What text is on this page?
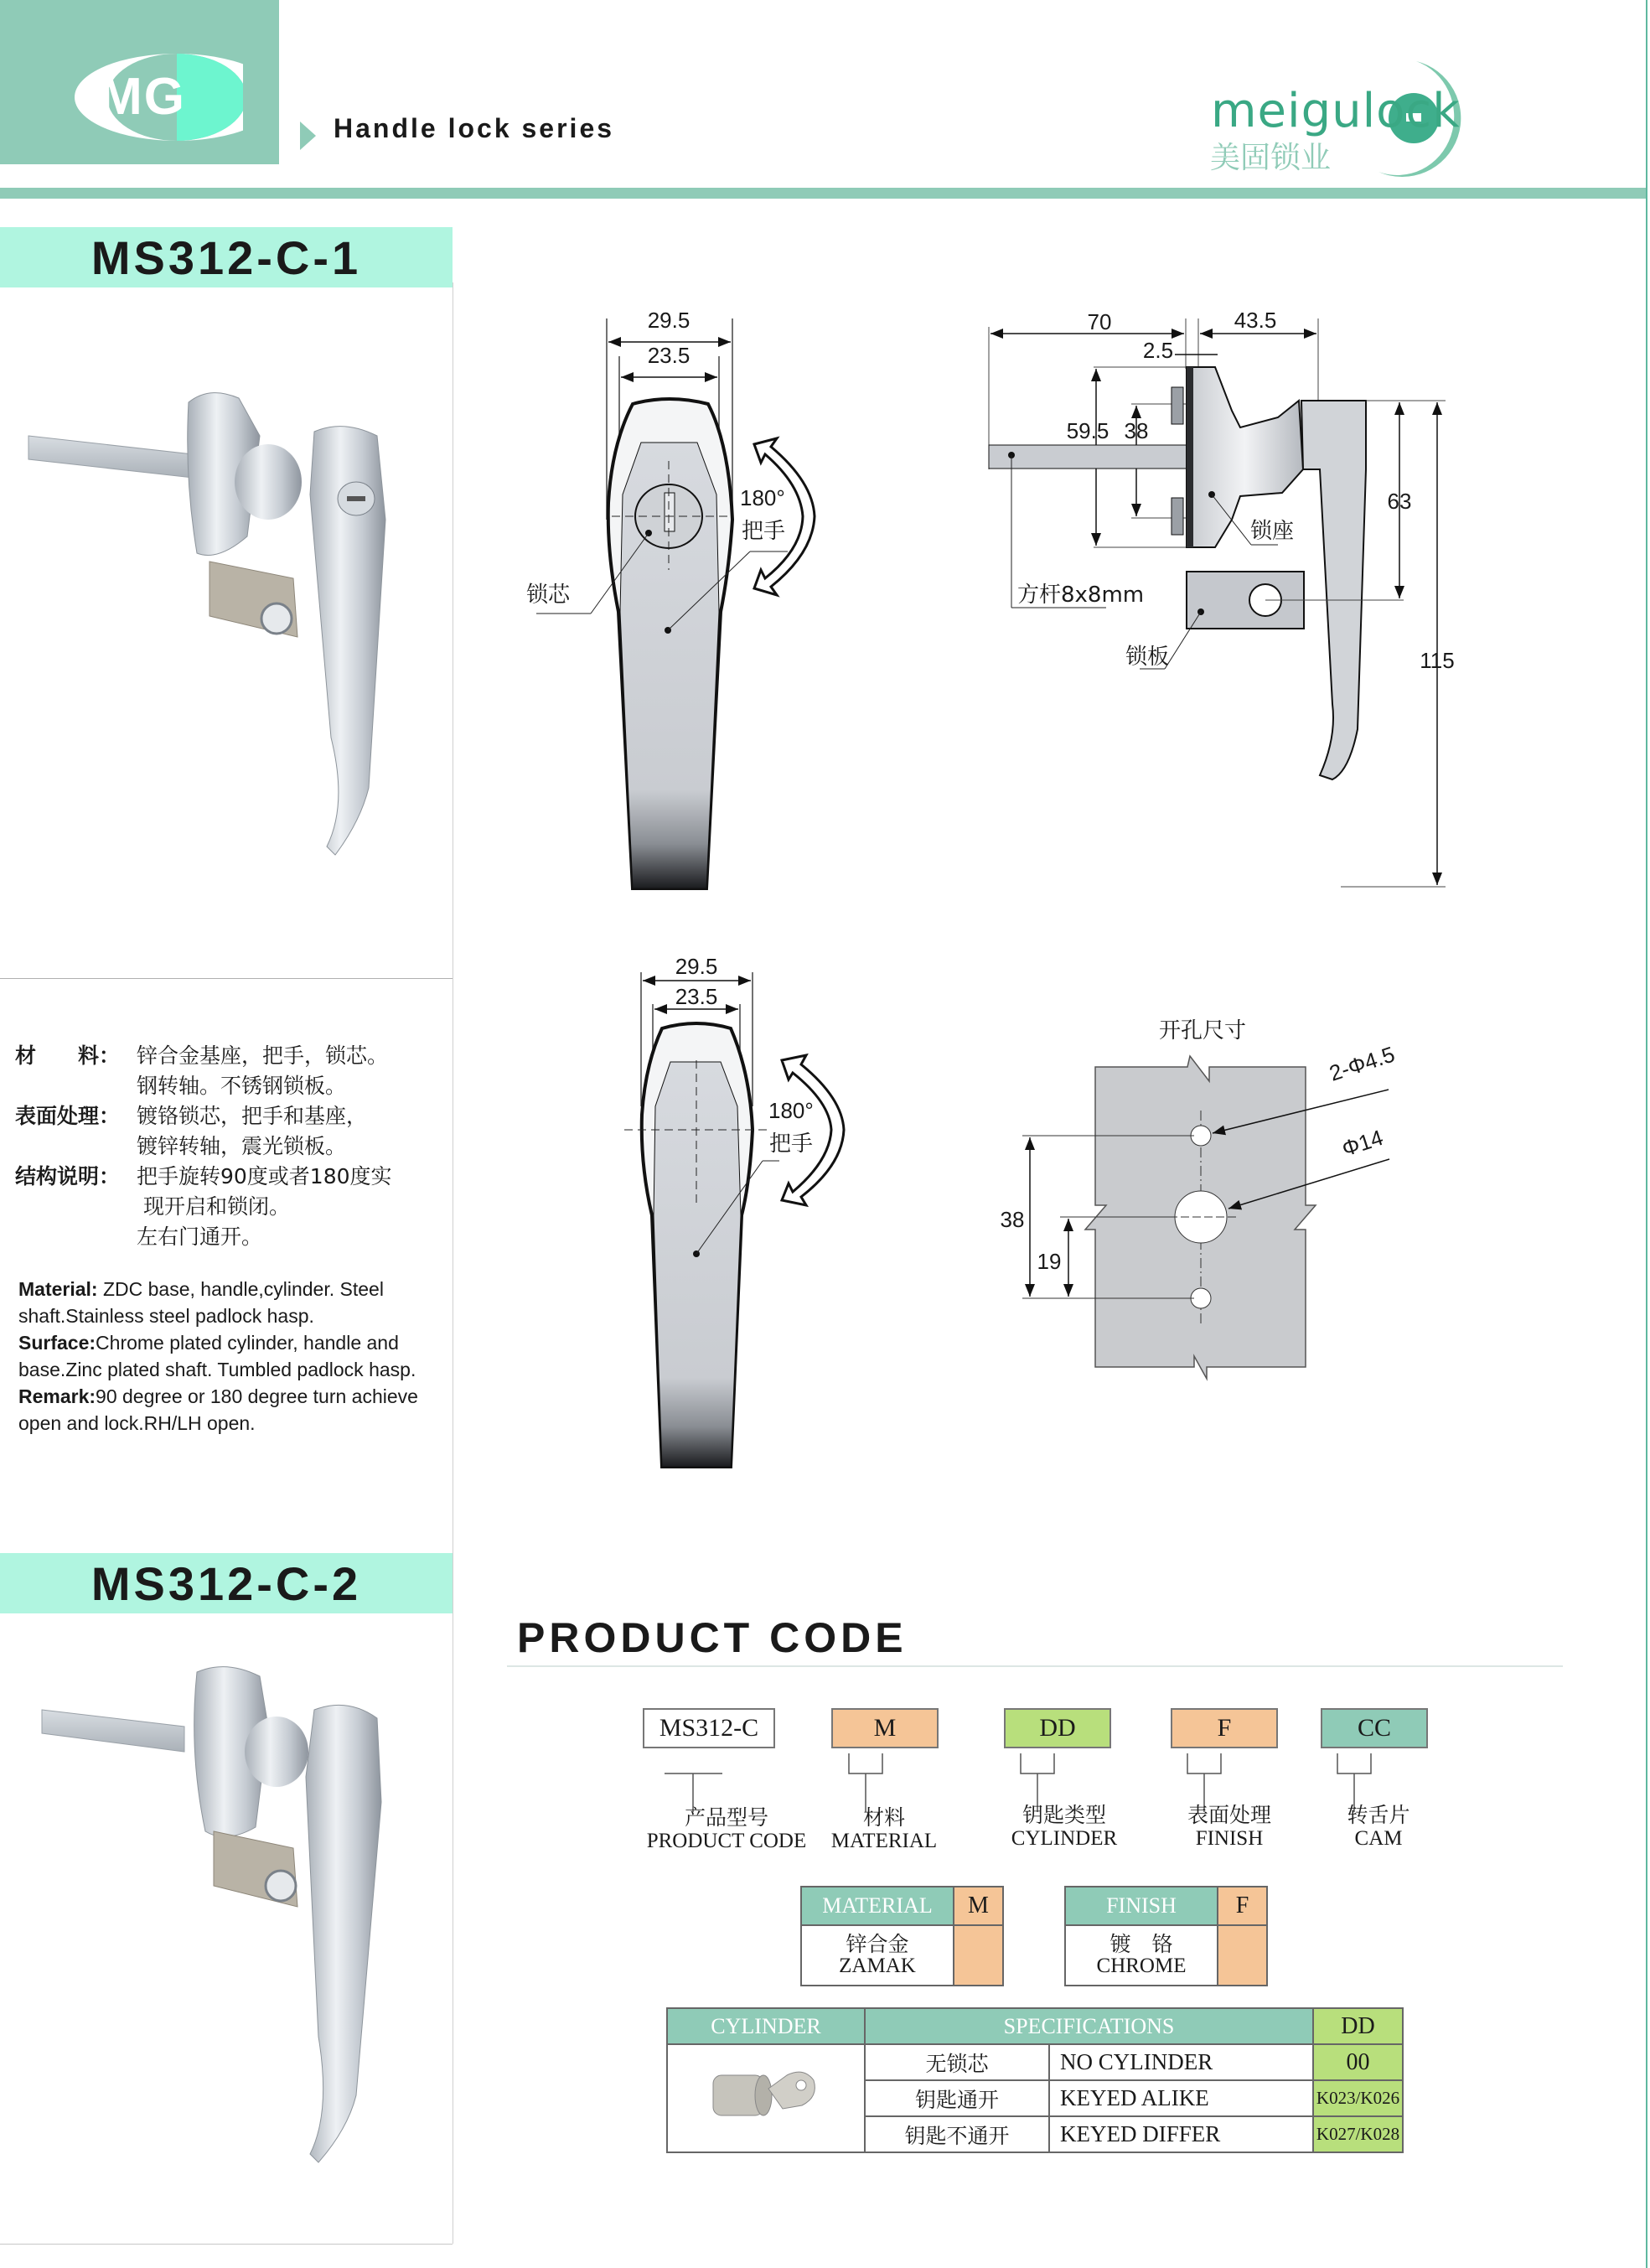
MG
Handle lock series	meigulock
美固锁业
MS312-C-1
材　　料： 锌合金基座，把手，锁芯。
钢转轴。不锈钢锁板。
表面处理： 镀铬锁芯，把手和基座，
镀锌转轴，震光锁板。
结构说明： 把手旋转90度或者180度实
现开启和锁闭。
左右门通开。
Material: ZDC base, handle,cylinder. Steel shaft.Stainless steel padlock hasp.
Surface:Chrome plated cylinder, handle and base.Zinc plated shaft. Tumbled padlock hasp.
Remark:90 degree or 180 degree turn achieve open and lock.RH/LH open.
MS312-C-2
29.5
23.5
锁芯
180°
把手
70	43.5
2.5
59.5 38
63
115
方杆8x8mm
锁座
锁板
29.5
23.5
180°
把手
开孔尺寸
38
19
2-Φ4.5
Φ14
PRODUCT CODE
MS312-C	M	DD	F	CC
产品型号
PRODUCT CODE
材料
MATERIAL
钥匙类型
CYLINDER
表面处理
FINISH
转舌片
CAM
MATERIAL	M

锌合金
ZAMAK	

FINISH	F

镀　铬
CHROME	

CYLINDER	SPECIFICATIONS		DD
	无锁芯	NO CYLINDER	00
	钥匙通开	KEYED ALIKE	K023/K026
	钥匙不通开	KEYED DIFFER	K027/K028
